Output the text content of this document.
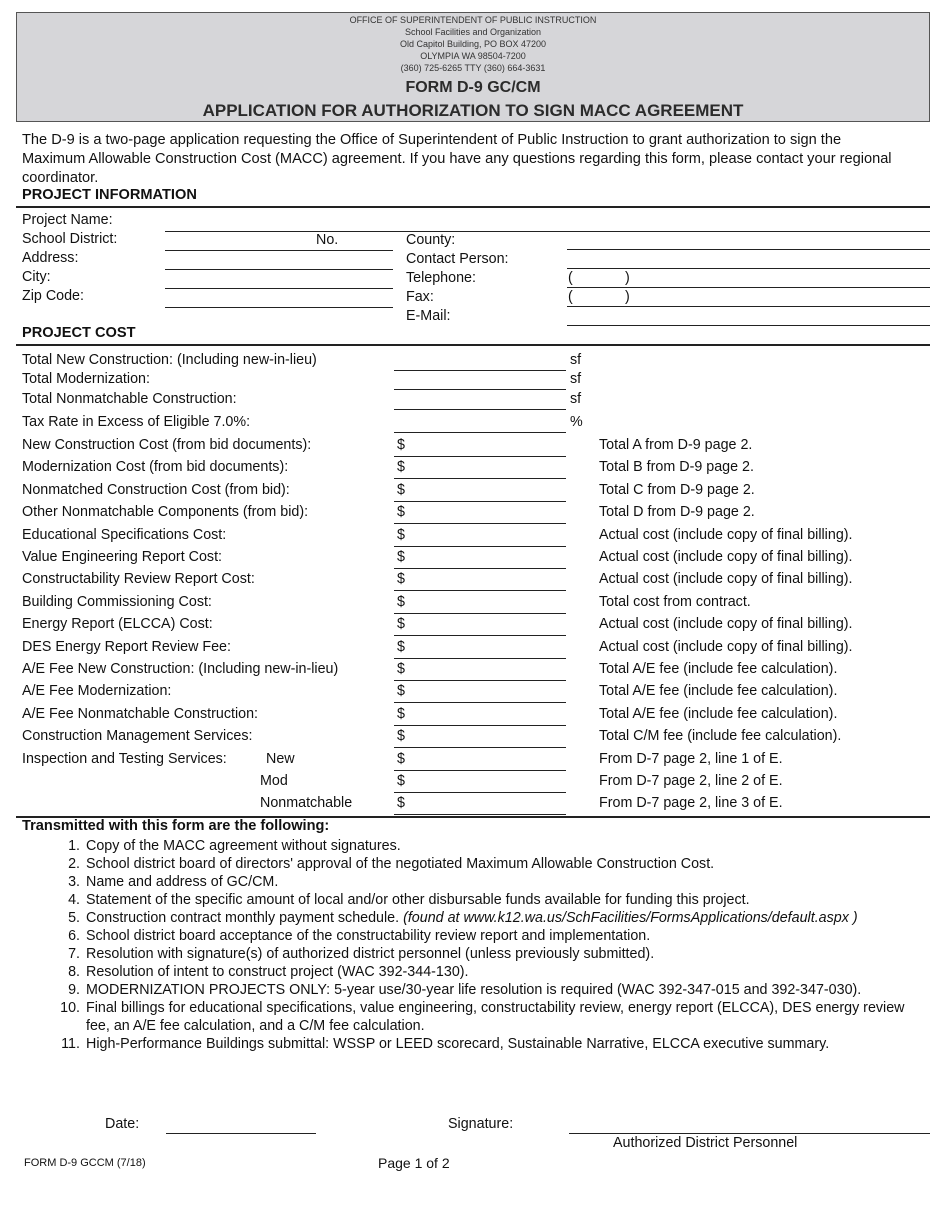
OFFICE OF SUPERINTENDENT OF PUBLIC INSTRUCTION
School Facilities and Organization
Old Capitol Building, PO BOX 47200
OLYMPIA WA 98504-7200
(360) 725-6265 TTY (360) 664-3631
FORM D-9 GC/CM
APPLICATION FOR AUTHORIZATION TO SIGN MACC AGREEMENT
The D-9 is a two-page application requesting the Office of Superintendent of Public Instruction to grant authorization to sign the Maximum Allowable Construction Cost (MACC) agreement. If you have any questions regarding this form, please contact your regional coordinator.
PROJECT INFORMATION
Project Name:
School District:	No.
Address:
City:
Zip Code:
County:
Contact Person:
Telephone:	(	)
Fax:	(	)
E-Mail:
PROJECT COST
Total New Construction: (Including new-in-lieu)	sf
Total Modernization:	sf
Total Nonmatchable Construction:	sf
Tax Rate in Excess of Eligible 7.0%:	%
New Construction Cost (from bid documents):	$	Total A from D-9 page 2.
Modernization Cost (from bid documents):	$	Total B from D-9 page 2.
Nonmatched Construction Cost (from bid):	$	Total C from D-9 page 2.
Other Nonmatchable Components (from bid):	$	Total D from D-9 page 2.
Educational Specifications Cost:	$	Actual cost (include copy of final billing).
Value Engineering Report Cost:	$	Actual cost (include copy of final billing).
Constructability Review Report Cost:	$	Actual cost (include copy of final billing).
Building Commissioning Cost:	$	Total cost from contract.
Energy Report (ELCCA) Cost:	$	Actual cost (include copy of final billing).
DES Energy Report Review Fee:	$	Actual cost (include copy of final billing).
A/E Fee New Construction: (Including new-in-lieu)	$	Total A/E fee (include fee calculation).
A/E Fee Modernization:	$	Total A/E fee (include fee calculation).
A/E Fee Nonmatchable Construction:	$	Total A/E fee (include fee calculation).
Construction Management Services:	$	Total C/M fee (include fee calculation).
Inspection and Testing Services:	New	$	From D-7 page 2, line 1 of E.
Mod	$	From D-7 page 2, line 2 of E.
Nonmatchable	$	From D-7 page 2, line 3 of E.
Transmitted with this form are the following:
1. Copy of the MACC agreement without signatures.
2. School district board of directors' approval of the negotiated Maximum Allowable Construction Cost.
3. Name and address of GC/CM.
4. Statement of the specific amount of local and/or other disbursable funds available for funding this project.
5. Construction contract monthly payment schedule. (found at www.k12.wa.us/SchFacilities/FormsApplications/default.aspx )
6. School district board acceptance of the constructability review report and implementation.
7. Resolution with signature(s) of authorized district personnel (unless previously submitted).
8. Resolution of intent to construct project (WAC 392-344-130).
9. MODERNIZATION PROJECTS ONLY: 5-year use/30-year life resolution is required (WAC 392-347-015 and 392-347-030).
10. Final billings for educational specifications, value engineering, constructability review, energy report (ELCCA), DES energy review fee, an A/E fee calculation, and a C/M fee calculation.
11. High-Performance Buildings submittal: WSSP or LEED scorecard, Sustainable Narrative, ELCCA executive summary.
Date:	Signature:
Authorized District Personnel
FORM D-9 GCCM (7/18)	Page 1 of 2
